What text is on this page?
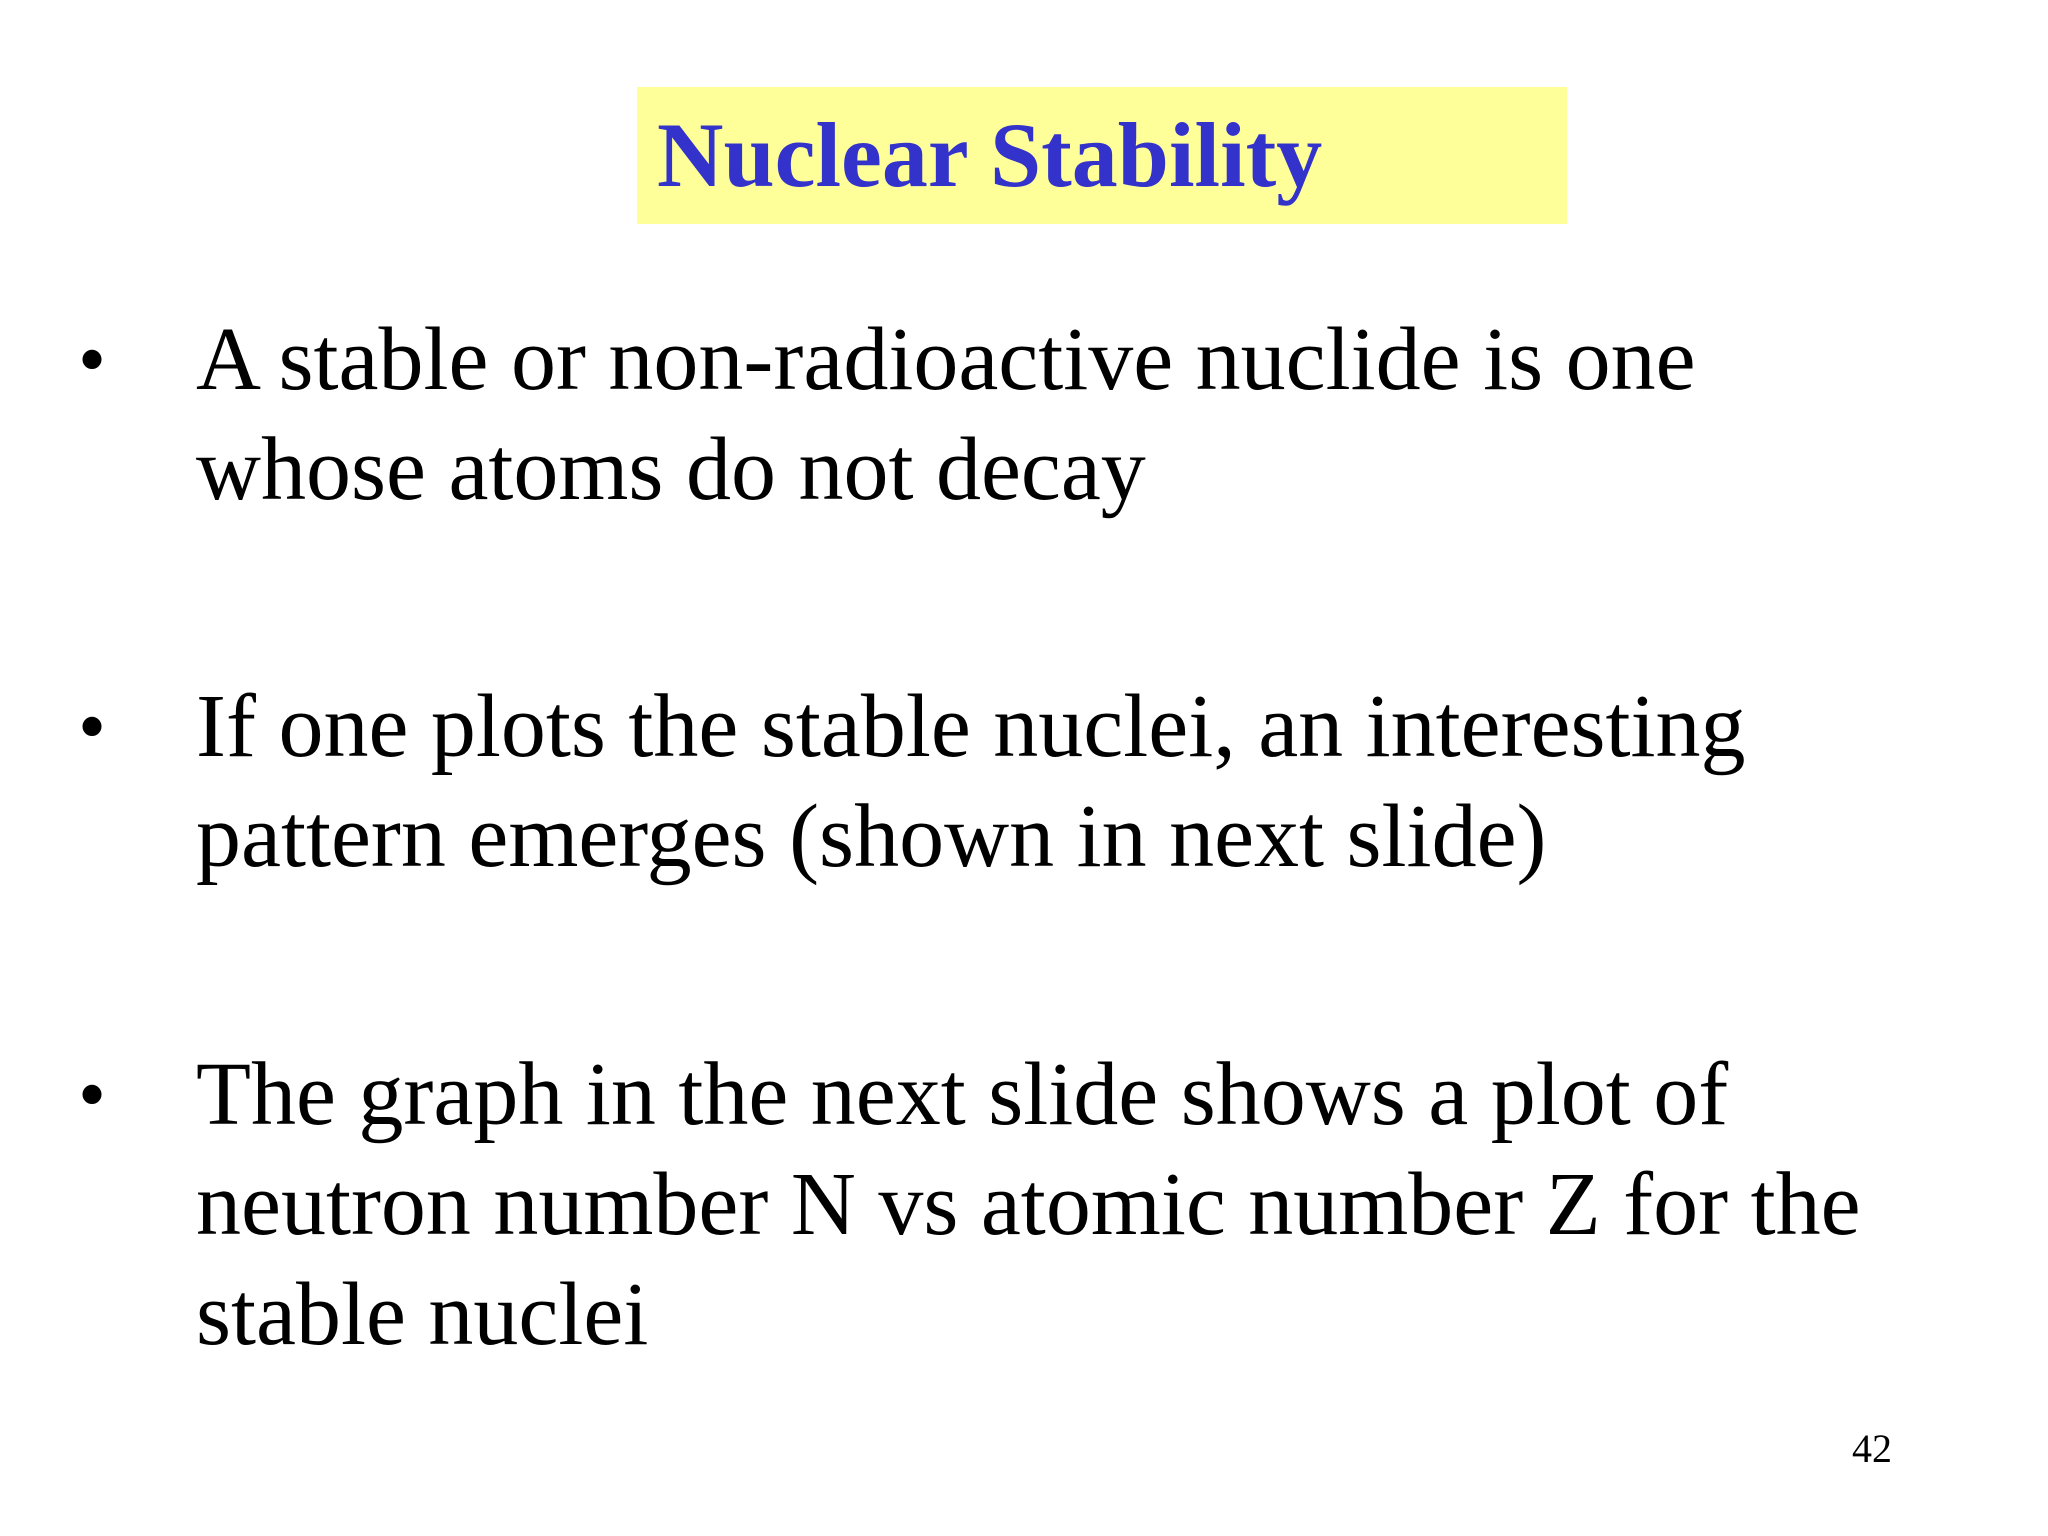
Nuclear Stability
• A stable or non-radioactive nuclide is one
whose atoms do not decay
• If one plots the stable nuclei, an interesting
pattern emerges (shown in next slide)
• The graph in the next slide shows a plot of
neutron number N vs atomic number Z for the
stable nuclei
42
